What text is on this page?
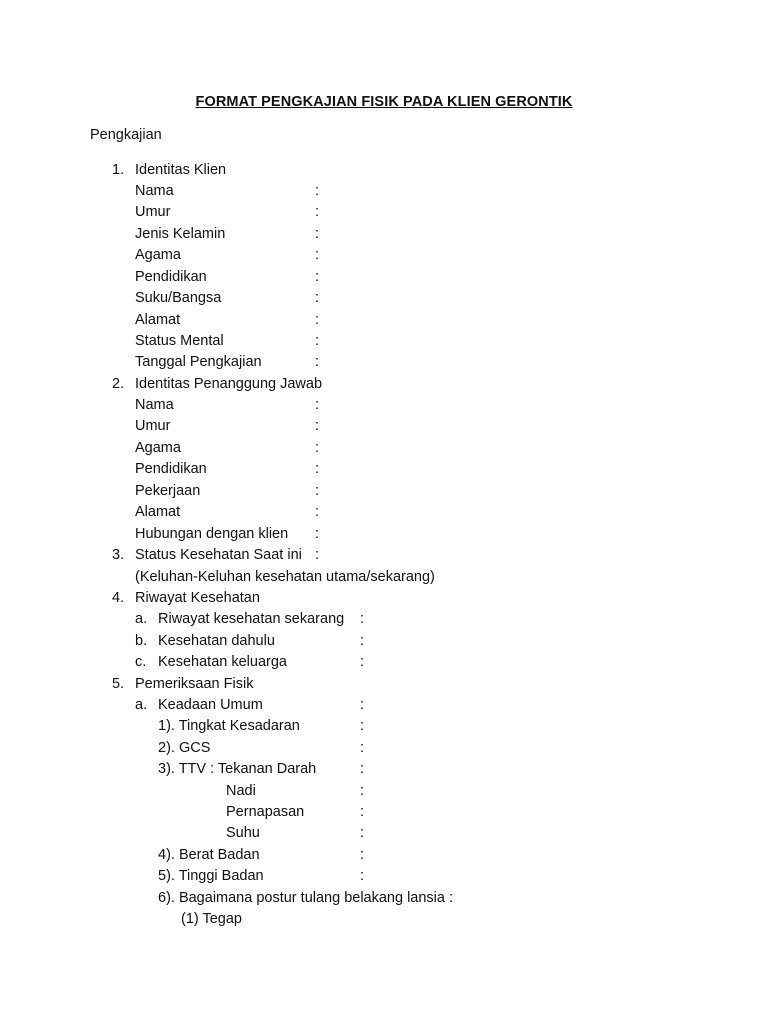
FORMAT PENGKAJIAN FISIK PADA KLIEN GERONTIK
Pengkajian
1. Identitas Klien
Nama	:
Umur	:
Jenis Kelamin	:
Agama	:
Pendidikan	:
Suku/Bangsa	:
Alamat	:
Status Mental	:
Tanggal Pengkajian	:
2. Identitas Penanggung Jawab
Nama	:
Umur	:
Agama	:
Pendidikan	:
Pekerjaan	:
Alamat	:
Hubungan dengan klien :
3. Status Kesehatan Saat ini :
(Keluhan-Keluhan kesehatan utama/sekarang)
4. Riwayat Kesehatan
a. Riwayat kesehatan sekarang :
b. Kesehatan dahulu	:
c. Kesehatan keluarga	:
5. Pemeriksaan Fisik
a. Keadaan Umum	:
1). Tingkat Kesadaran	:
2). GCS	:
3). TTV : Tekanan Darah	:
Nadi	:
Pernapasan	:
Suhu	:
4). Berat Badan	:
5). Tinggi Badan	:
6). Bagaimana postur tulang belakang lansia :
(1) Tegap
